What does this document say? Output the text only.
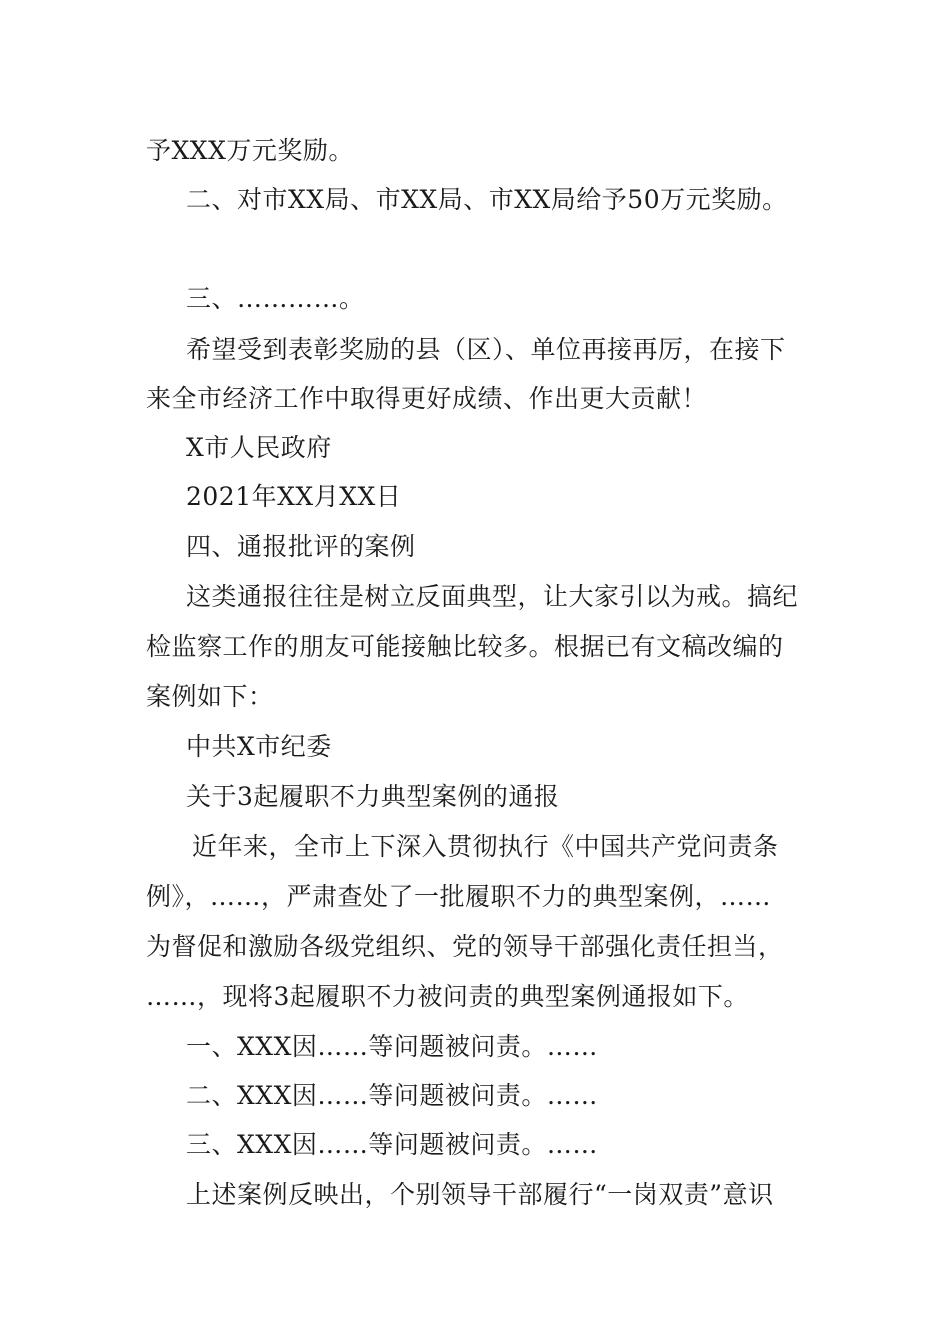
予XXX万元奖励。
二、对市XX局、市XX局、市XX局给予50万元奖励。
三、…………。
希望受到表彰奖励的县（区）、单位再接再厉，在接下
来全市经济工作中取得更好成绩、作出更大贡献！
X市人民政府
2021年XX月XX日
四、通报批评的案例
这类通报往往是树立反面典型，让大家引以为戒。搞纪
检监察工作的朋友可能接触比较多。根据已有文稿改编的
案例如下：
中共X市纪委
关于3起履职不力典型案例的通报
近年来，全市上下深入贯彻执行《中国共产党问责条
例》，……，严肃查处了一批履职不力的典型案例，……
为督促和激励各级党组织、党的领导干部强化责任担当，
……，现将3起履职不力被问责的典型案例通报如下。
一、XXX因……等问题被问责。……
二、XXX因……等问题被问责。……
三、XXX因……等问题被问责。……
上述案例反映出，个别领导干部履行“一岗双责”意识
